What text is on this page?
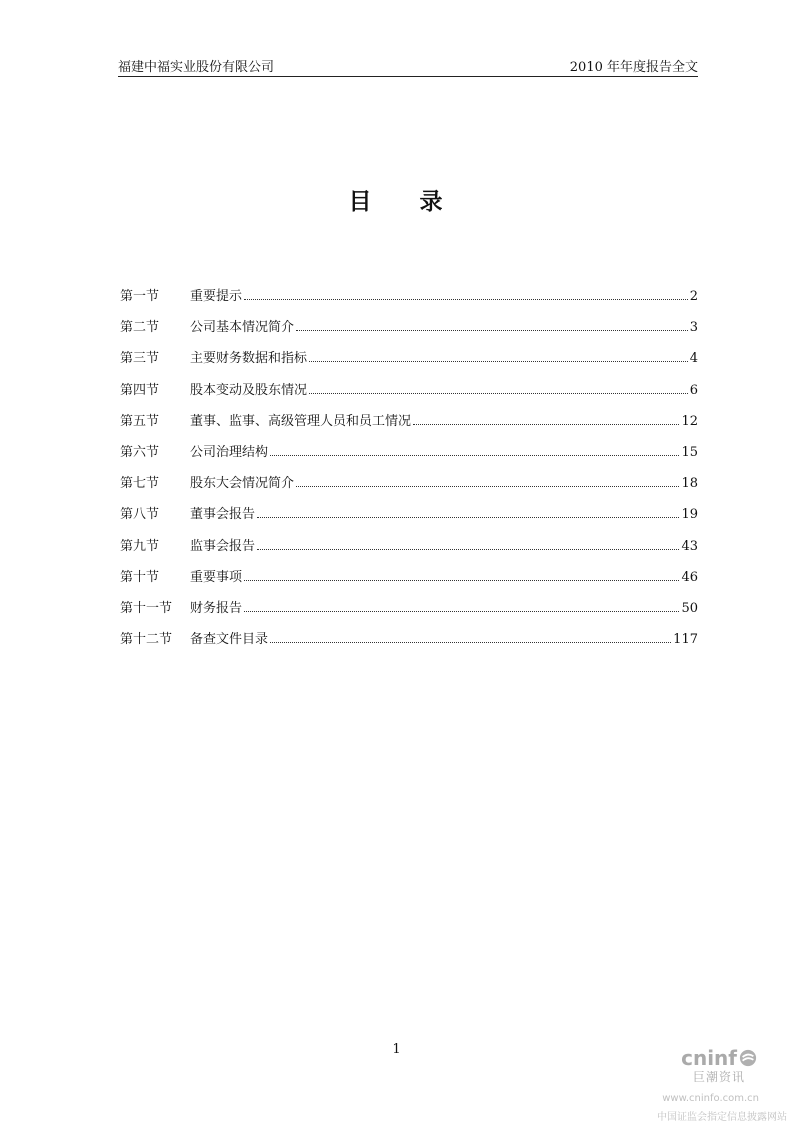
福建中福实业股份有限公司	2010 年年度报告全文
目 录
第一节	重要提示	2
第二节	公司基本情况简介	3
第三节	主要财务数据和指标	4
第四节	股本变动及股东情况	6
第五节	董事、监事、高级管理人员和员工情况	12
第六节	公司治理结构	15
第七节	股东大会情况简介	18
第八节	董事会报告	19
第九节	监事会报告	43
第十节	重要事项	46
第十一节	财务报告	50
第十二节	备查文件目录	117
1	cninf
巨潮资讯
www.cninfo.com.cn
中国证监会指定信息披露网站
